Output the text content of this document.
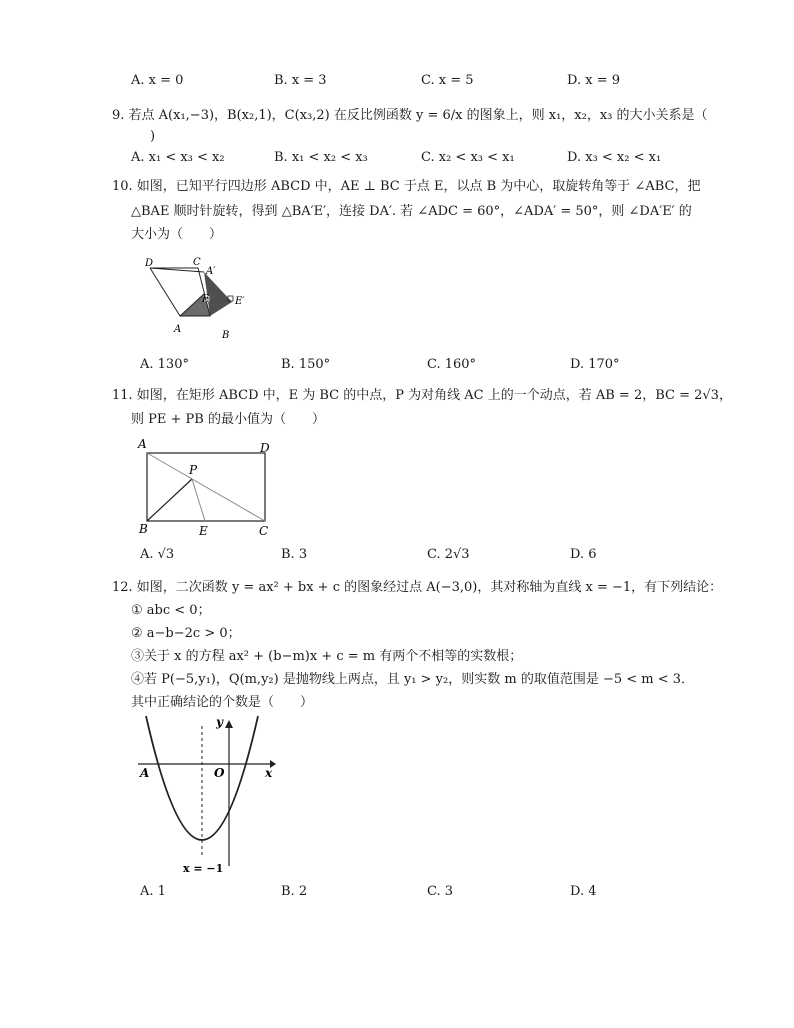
A. x = 0	B. x = 3	C. x = 5	D. x = 9
9. 若点 A(x₁,−3)，B(x₂,1)，C(x₃,2) 在反比例函数 y = 6/x 的图象上，则 x₁，x₂，x₃ 的大小关系是（
)
A. x₁ < x₃ < x₂	B. x₁ < x₂ < x₃	C. x₂ < x₃ < x₁	D. x₃ < x₂ < x₁
10. 如图，已知平行四边形 ABCD 中，AE ⊥ BC 于点 E，以点 B 为中心，取旋转角等于 ∠ABC，把
△BAE 顺时针旋转，得到 △BA′E′，连接 DA′. 若 ∠ADC = 60°，∠ADA′ = 50°，则 ∠DA′E′ 的
大小为（　　）
D	C
A′
E	E′
A
B
A. 130°	B. 150°	C. 160°	D. 170°
11. 如图，在矩形 ABCD 中，E 为 BC 的中点，P 为对角线 AC 上的一个动点，若 AB = 2，BC = 2√3，
则 PE + PB 的最小值为（　　）
A	D
P
B	E	C
A. √3	B. 3	C. 2√3	D. 6
12. 如图，二次函数 y = ax² + bx + c 的图象经过点 A(−3,0)，其对称轴为直线 x = −1，有下列结论：
① abc < 0；
② a−b−2c > 0；
③关于 x 的方程 ax² + (b−m)x + c = m 有两个不相等的实数根；
④若 P(−5,y₁)，Q(m,y₂) 是抛物线上两点，且 y₁ > y₂，则实数 m 的取值范围是 −5 < m < 3．
其中正确结论的个数是（　　）
y
A	O	x
x = −1
A. 1	B. 2	C. 3	D. 4
